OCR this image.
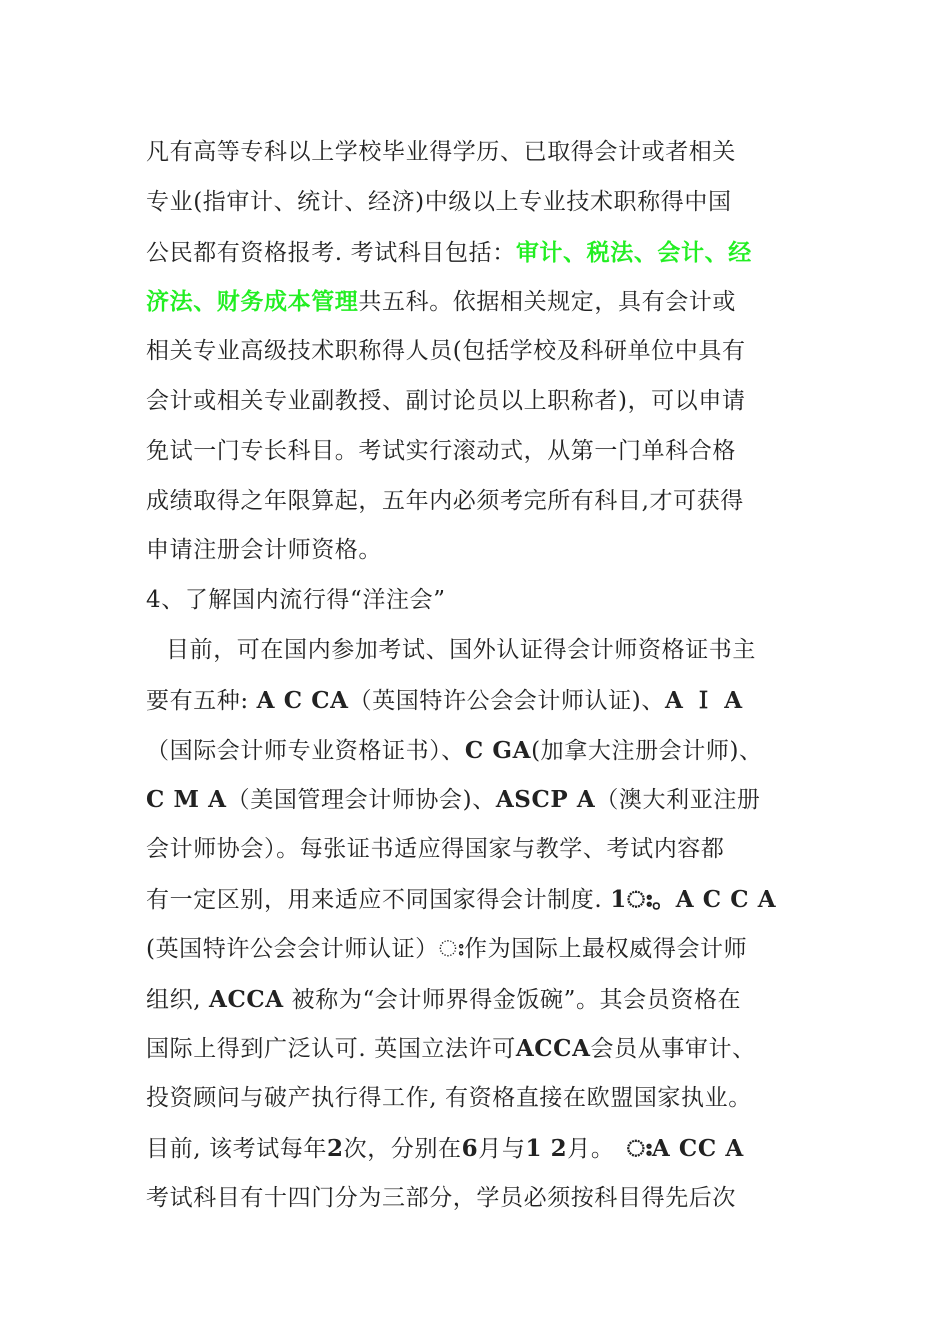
凡有高等专科以上学校毕业得学历、已取得会计或者相关
专业(指审计、统计、经济)中级以上专业技术职称得中国
公民都有资格报考. 考试科目包括：审计、税法、会计、经
济法、财务成本管理共五科。依据相关规定，具有会计或
相关专业高级技术职称得人员(包括学校及科研单位中具有
会计或相关专业副教授、副讨论员以上职称者)，可以申请
免试一门专长科目。考试实行滚动式，从第一门单科合格
成绩取得之年限算起，五年内必须考完所有科目,才可获得
申请注册会计师资格。
4、了解国内流行得“洋注会”
目前，可在国内参加考试、国外认证得会计师资格证书主
要有五种: A C CA（英国特许公会会计师认证)、A Ｉ A
（国际会计师专业资格证书）、C GA(加拿大注册会计师)、
C M A（美国管理会计师协会)、ASCP A（澳大利亚注册
会计师协会）。每张证书适应得国家与教学、考试内容都
有一定区别，用来适应不同国家得会计制度. 1ഃ。A C C A
(英国特许公会会计师认证）ഃ作为国际上最权威得会计师
组织, ACCA 被称为“会计师界得金饭碗”。其会员资格在
国际上得到广泛认可. 英国立法许可ACCA会员从事审计、
投资顾问与破产执行得工作, 有资格直接在欧盟国家执业。
目前, 该考试每年2次，分别在6月与1 2月。　ഃA CC A
考试科目有十四门分为三部分，学员必须按科目得先后次
